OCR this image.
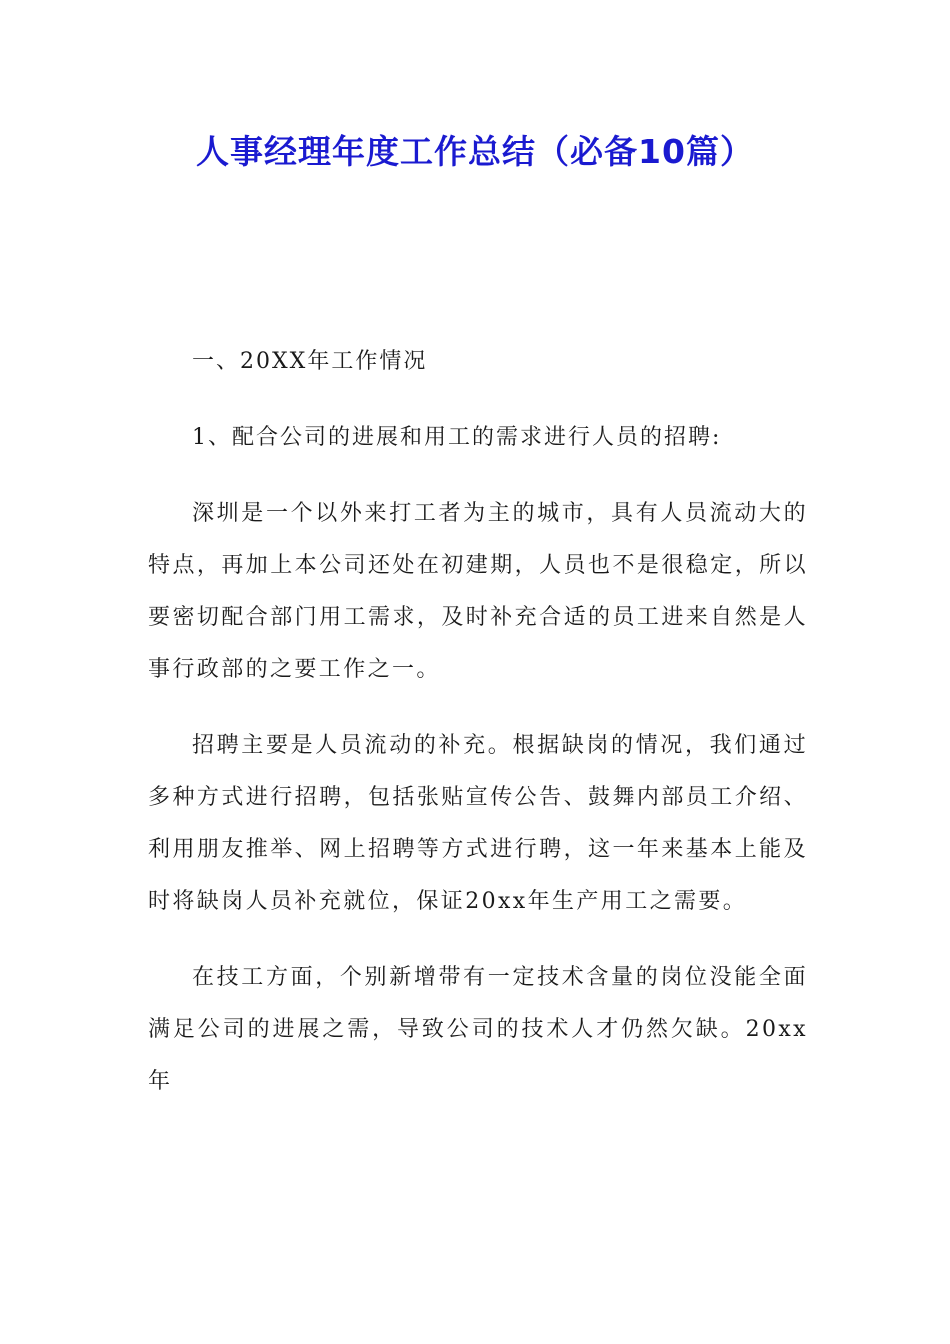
人事经理年度工作总结（必备10篇）

一、20XX年工作情况

1、配合公司的进展和用工的需求进行人员的招聘:

深圳是一个以外来打工者为主的城市，具有人员流动大的特点，再加上本公司还处在初建期，人员也不是很稳定，所以要密切配合部门用工需求，及时补充合适的员工进来自然是人事行政部的之要工作之一。

招聘主要是人员流动的补充。根据缺岗的情况，我们通过多种方式进行招聘，包括张贴宣传公告、鼓舞内部员工介绍、利用朋友推举、网上招聘等方式进行聘，这一年来基本上能及时将缺岗人员补充就位，保证20xx年生产用工之需要。

在技工方面，个别新增带有一定技术含量的岗位没能全面满足公司的进展之需，导致公司的技术人才仍然欠缺。20xx年
